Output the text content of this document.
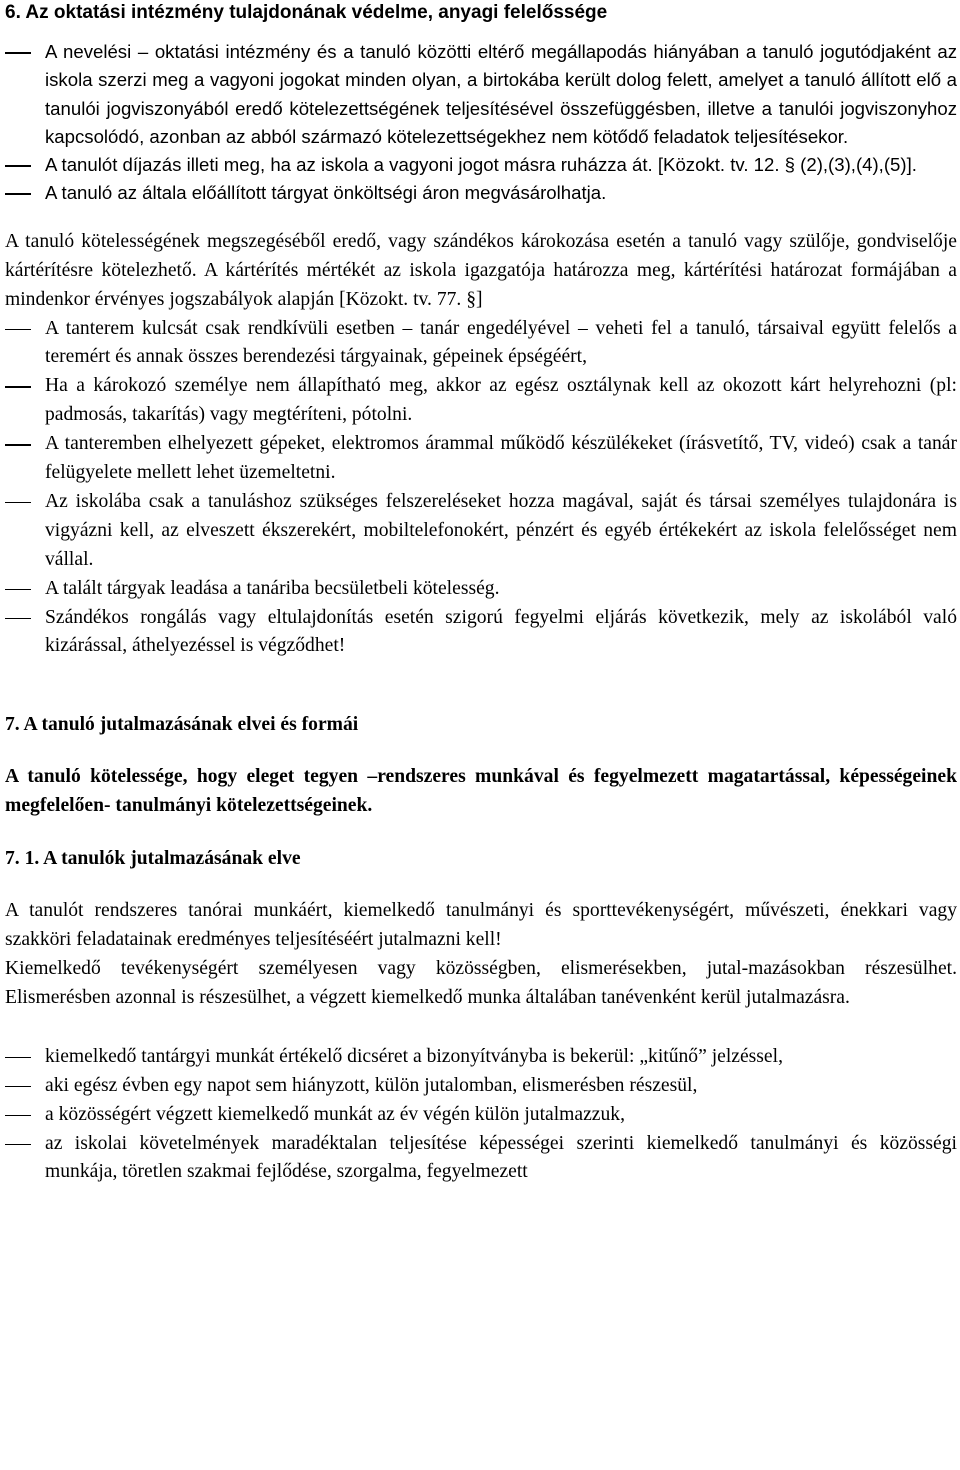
6. Az oktatási intézmény tulajdonának védelme, anyagi felelőssége
A nevelési – oktatási intézmény és a tanuló közötti eltérő megállapodás hiányában a tanuló jogutódjaként az iskola szerzi meg a vagyoni jogokat minden olyan, a birtokába került dolog felett, amelyet a tanuló állított elő a tanulói jogviszonyából eredő kötelezettségének teljesítésével összefüggésben, illetve a tanulói jogviszonyhoz kapcsolódó, azonban az abból származó kötelezettségekhez nem kötődő feladatok teljesítésekor.
A tanulót díjazás illeti meg, ha az iskola a vagyoni jogot másra ruházza át. [Közokt. tv. 12. § (2),(3),(4),(5)].
A tanuló az általa előállított tárgyat önköltségi áron megvásárolhatja.

A tanuló kötelességének megszegéséből eredő, vagy szándékos károkozása esetén a tanuló vagy szülője, gondviselője kártérítésre kötelezhető. A kártérítés mértékét az iskola igazgatója határozza meg, kártérítési határozat formájában a mindenkor érvényes jogszabályok alapján [Közokt. tv. 77. §]

A tanterem kulcsát csak rendkívüli esetben – tanár engedélyével – veheti fel a tanuló, társaival együtt felelős a teremért és annak összes berendezési tárgyainak, gépeinek épségéért,
Ha a károkozó személye nem állapítható meg, akkor az egész osztálynak kell az okozott kárt helyrehozni (pl: padmosás, takarítás) vagy megtéríteni, pótolni.
A tanteremben elhelyezett gépeket, elektromos árammal működő készülékeket (írásvetítő, TV, videó) csak a tanár felügyelete mellett lehet üzemeltetni.
Az iskolába csak a tanuláshoz szükséges felszereléseket hozza magával, saját és társai személyes tulajdonára is vigyázni kell, az elveszett ékszerekért, mobiltelefonokért, pénzért és egyéb értékekért az iskola felelősséget nem vállal.
A talált tárgyak leadása a tanáriba becsületbeli kötelesség.
Szándékos rongálás vagy eltulajdonítás esetén szigorú fegyelmi eljárás következik, mely az iskolából való kizárással, áthelyezéssel is végződhet!
7. A tanuló jutalmazásának elvei és formái

A tanuló kötelessége, hogy eleget tegyen –rendszeres munkával és fegyelmezett magatartással, képességeinek megfelelően- tanulmányi kötelezettségeinek.

7. 1. A tanulók jutalmazásának elve

A tanulót rendszeres tanórai munkáért, kiemelkedő tanulmányi és sporttevékenységért, művészeti, énekkari vagy szakköri feladatainak eredményes teljesítéséért jutalmazni kell!

Kiemelkedő tevékenységért személyesen vagy közösségben, elismerésekben, jutal-mazásokban részesülhet. Elismerésben azonnal is részesülhet, a végzett kiemelkedő munka általában tanévenként kerül jutalmazásra.

kiemelkedő tantárgyi munkát értékelő dicséret a bizonyítványba is bekerül: „kitűnő” jelzéssel,
aki egész évben egy napot sem hiányzott, külön jutalomban, elismerésben részesül,
a közösségért végzett kiemelkedő munkát az év végén külön jutalmazzuk,
az iskolai követelmények maradéktalan teljesítése képességei szerinti kiemelkedő tanulmányi és közösségi munkája, töretlen szakmai fejlődése, szorgalma, fegyelmezett
